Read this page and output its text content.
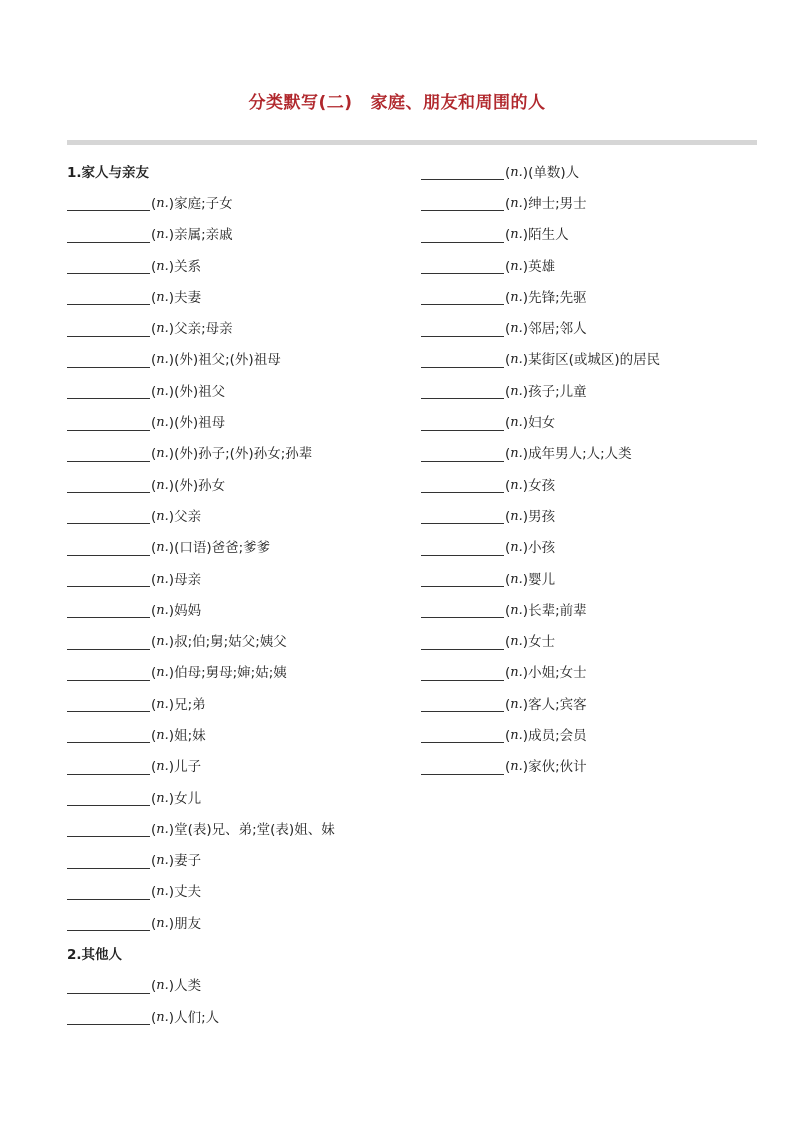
分类默写(二) 家庭、朋友和周围的人
1.家人与亲友
( n. ) 家庭;子女
( n. ) 亲属;亲戚
( n. ) 关系
( n. ) 夫妻
( n. ) 父亲;母亲
( n. ) (外)祖父;(外)祖母
( n. ) (外)祖父
( n. ) (外)祖母
( n. ) (外)孙子;(外)孙女;孙辈
( n. ) (外)孙女
( n. ) 父亲
( n. ) (口语)爸爸;爹爹
( n. ) 母亲
( n. ) 妈妈
( n. ) 叔;伯;舅;姑父;姨父
( n. ) 伯母;舅母;婶;姑;姨
( n. ) 兄;弟
( n. ) 姐;妹
( n. ) 儿子
( n. ) 女儿
( n. ) 堂(表)兄、弟;堂(表)姐、妹
( n. ) 妻子
( n. ) 丈夫
( n. ) 朋友
2.其他人
( n. ) 人类
( n. ) 人们;人
( n. ) (单数)人
( n. ) 绅士;男士
( n. ) 陌生人
( n. ) 英雄
( n. ) 先锋;先驱
( n. ) 邻居;邻人
( n. ) 某街区(或城区)的居民
( n. ) 孩子;儿童
( n. ) 妇女
( n. ) 成年男人;人;人类
( n. ) 女孩
( n. ) 男孩
( n. ) 小孩
( n. ) 婴儿
( n. ) 长辈;前辈
( n. ) 女士
( n. ) 小姐;女士
( n. ) 客人;宾客
( n. ) 成员;会员
( n. ) 家伙;伙计
